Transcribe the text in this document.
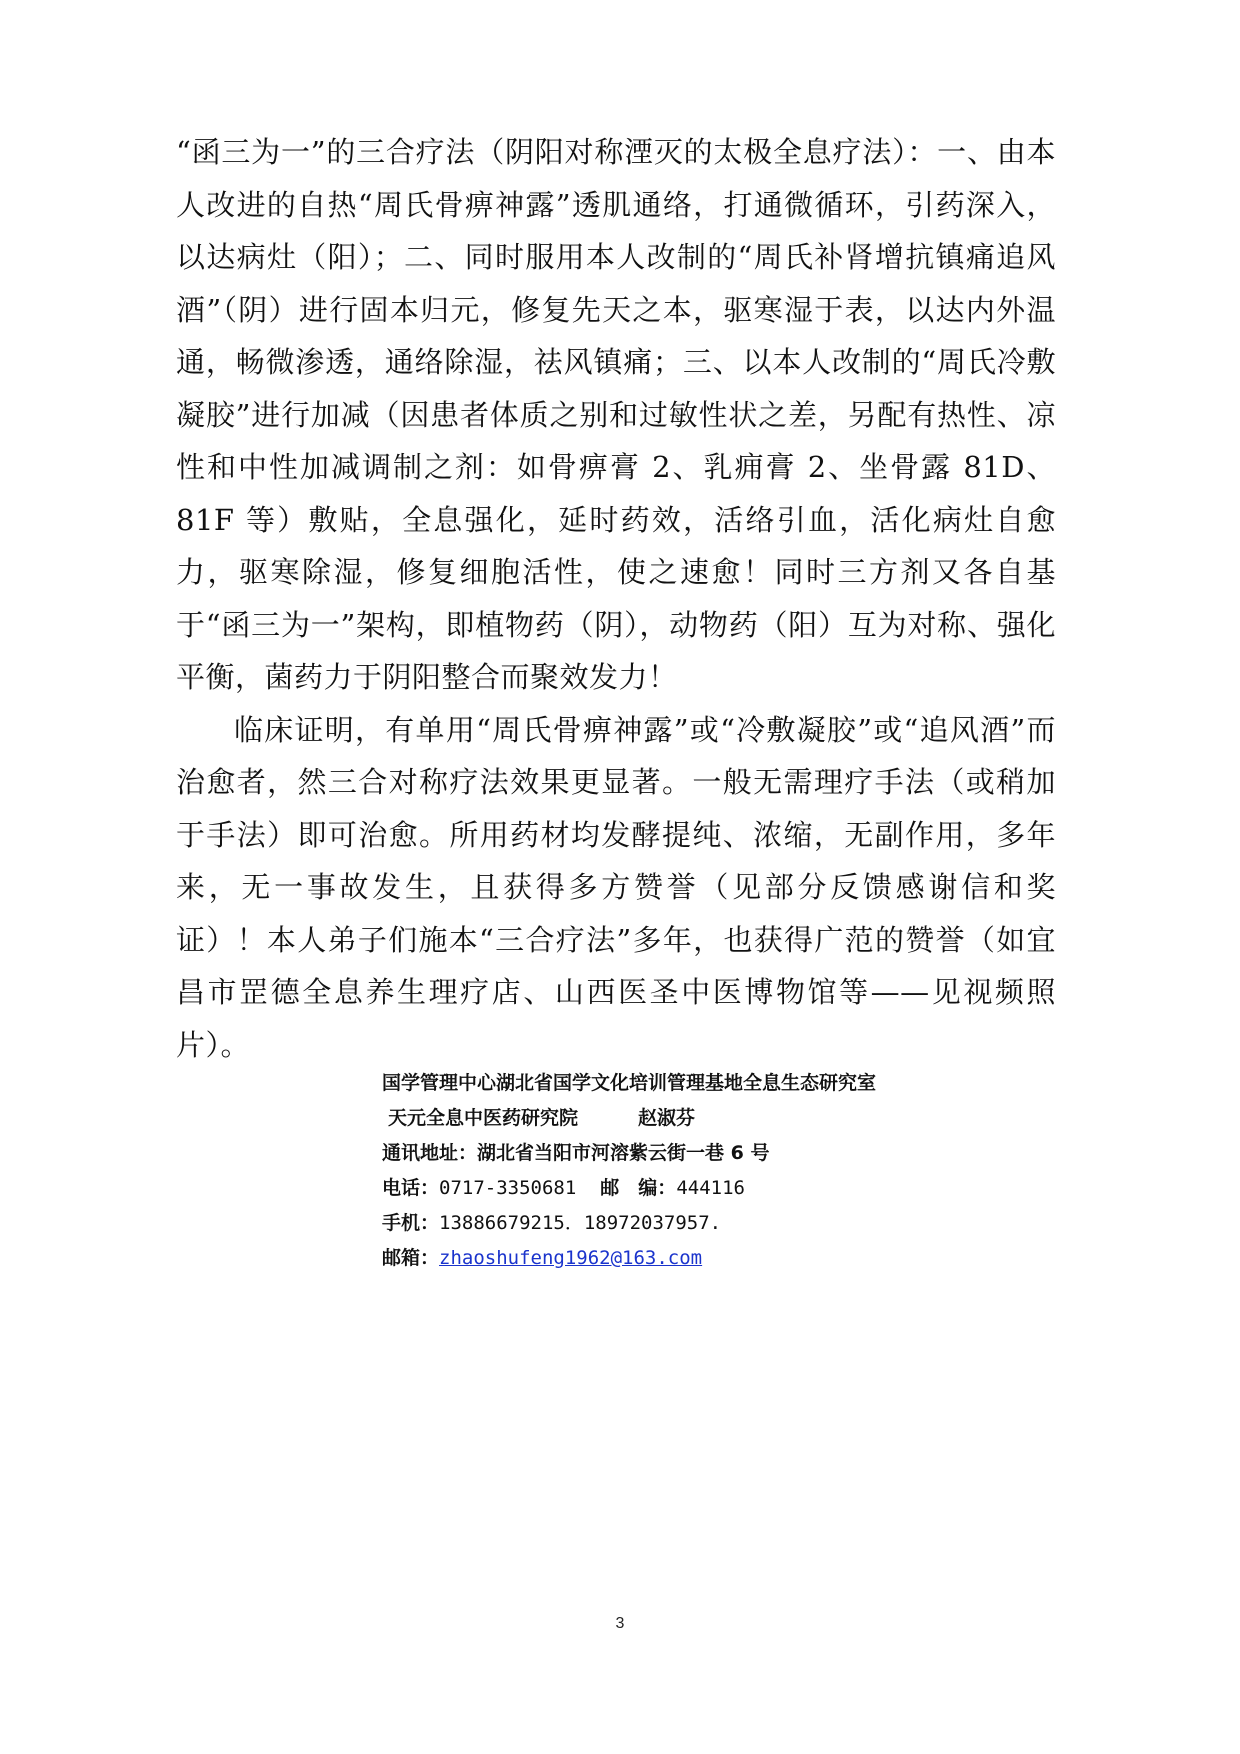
“函三为一”的三合疗法（阴阳对称湮灭的太极全息疗法）：一、由本人改进的自热“周氏骨痹神露”透肌通络，打通微循环，引药深入，以达病灶（阳）；二、同时服用本人改制的“周氏补肾增抗镇痛追风酒”（阴）进行固本归元，修复先天之本，驱寒湿于表，以达内外温通，畅微渗透，通络除湿，祛风镇痛；三、以本人改制的“周氏冷敷凝胶”进行加减（因患者体质之别和过敏性状之差，另配有热性、凉性和中性加减调制之剂：如骨痹膏 2、乳痈膏 2、坐骨露 81D、81F 等）敷贴，全息强化，延时药效，活络引血，活化病灶自愈力，驱寒除湿，修复细胞活性，使之速愈！同时三方剂又各自基于“函三为一”架构，即植物药（阴），动物药（阳）互为对称、强化平衡，菌药力于阴阳整合而聚效发力！

临床证明，有单用“周氏骨痹神露”或“冷敷凝胶”或“追风酒”而治愈者，然三合对称疗法效果更显著。一般无需理疗手法（或稍加于手法）即可治愈。所用药材均发酵提纯、浓缩，无副作用，多年来，无一事故发生，且获得多方赞誉（见部分反馈感谢信和奖证）！本人弟子们施本“三合疗法”多年，也获得广范的赞誉（如宜昌市罡德全息养生理疗店、山西医圣中医博物馆等——见视频照片）。

国学管理中心湖北省国学文化培训管理基地全息生态研究室
天元全息中医药研究院	赵淑芬
通讯地址：湖北省当阳市河溶紫云街一巷 6 号
电话：0717-3350681 邮　编：444116
手机：13886679215．18972037957.
邮箱：zhaoshufeng1962@163.com
3
